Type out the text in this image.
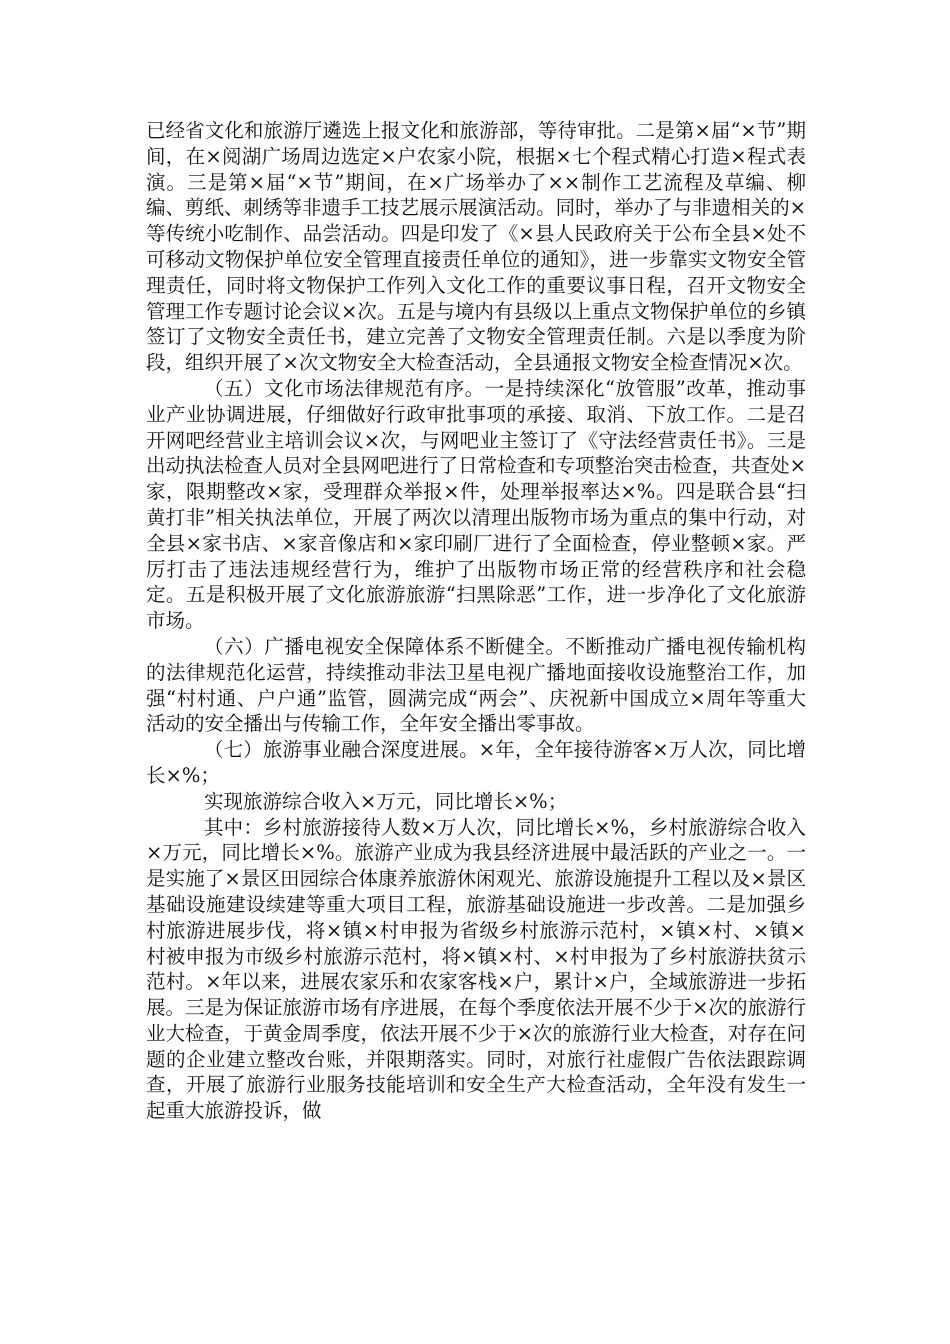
已经省文化和旅游厅遴选上报文化和旅游部，等待审批。二是第×届“×节”期间，在×阅湖广场周边选定×户农家小院，根据×七个程式精心打造×程式表演。三是第×届“×节”期间，在×广场举办了××制作工艺流程及草编、柳编、剪纸、刺绣等非遗手工技艺展示展演活动。同时，举办了与非遗相关的×等传统小吃制作、品尝活动。四是印发了《×县人民政府关于公布全县×处不可移动文物保护单位安全管理直接责任单位的通知》，进一步靠实文物安全管理责任，同时将文物保护工作列入文化工作的重要议事日程，召开文物安全管理工作专题讨论会议×次。五是与境内有县级以上重点文物保护单位的乡镇签订了文物安全责任书，建立完善了文物安全管理责任制。六是以季度为阶段，组织开展了×次文物安全大检查活动，全县通报文物安全检查情况×次。

（五）文化市场法律规范有序。一是持续深化“放管服”改革，推动事业产业协调进展，仔细做好行政审批事项的承接、取消、下放工作。二是召开网吧经营业主培训会议×次，与网吧业主签订了《守法经营责任书》。三是出动执法检查人员对全县网吧进行了日常检查和专项整治突击检查，共查处×家，限期整改×家，受理群众举报×件，处理举报率达×%。四是联合县“扫黄打非”相关执法单位，开展了两次以清理出版物市场为重点的集中行动，对全县×家书店、×家音像店和×家印刷厂进行了全面检查，停业整顿×家。严厉打击了违法违规经营行为，维护了出版物市场正常的经营秩序和社会稳定。五是积极开展了文化旅游旅游“扫黑除恶”工作，进一步净化了文化旅游市场。

（六）广播电视安全保障体系不断健全。不断推动广播电视传输机构的法律规范化运营，持续推动非法卫星电视广播地面接收设施整治工作，加强“村村通、户户通”监管，圆满完成“两会”、庆祝新中国成立×周年等重大活动的安全播出与传输工作，全年安全播出零事故。

（七）旅游事业融合深度进展。×年，全年接待游客×万人次，同比增长×%；

实现旅游综合收入×万元，同比增长×%；

其中：乡村旅游接待人数×万人次，同比增长×%，乡村旅游综合收入×万元，同比增长×%。旅游产业成为我县经济进展中最活跃的产业之一。一是实施了×景区田园综合体康养旅游休闲观光、旅游设施提升工程以及×景区基础设施建设续建等重大项目工程，旅游基础设施进一步改善。二是加强乡村旅游进展步伐，将×镇×村申报为省级乡村旅游示范村，×镇×村、×镇×村被申报为市级乡村旅游示范村，将×镇×村、×村申报为了乡村旅游扶贫示范村。×年以来，进展农家乐和农家客栈×户，累计×户，全域旅游进一步拓展。三是为保证旅游市场有序进展，在每个季度依法开展不少于×次的旅游行业大检查，于黄金周季度，依法开展不少于×次的旅游行业大检查，对存在问题的企业建立整改台账，并限期落实。同时，对旅行社虚假广告依法跟踪调查，开展了旅游行业服务技能培训和安全生产大检查活动，全年没有发生一起重大旅游投诉，做
